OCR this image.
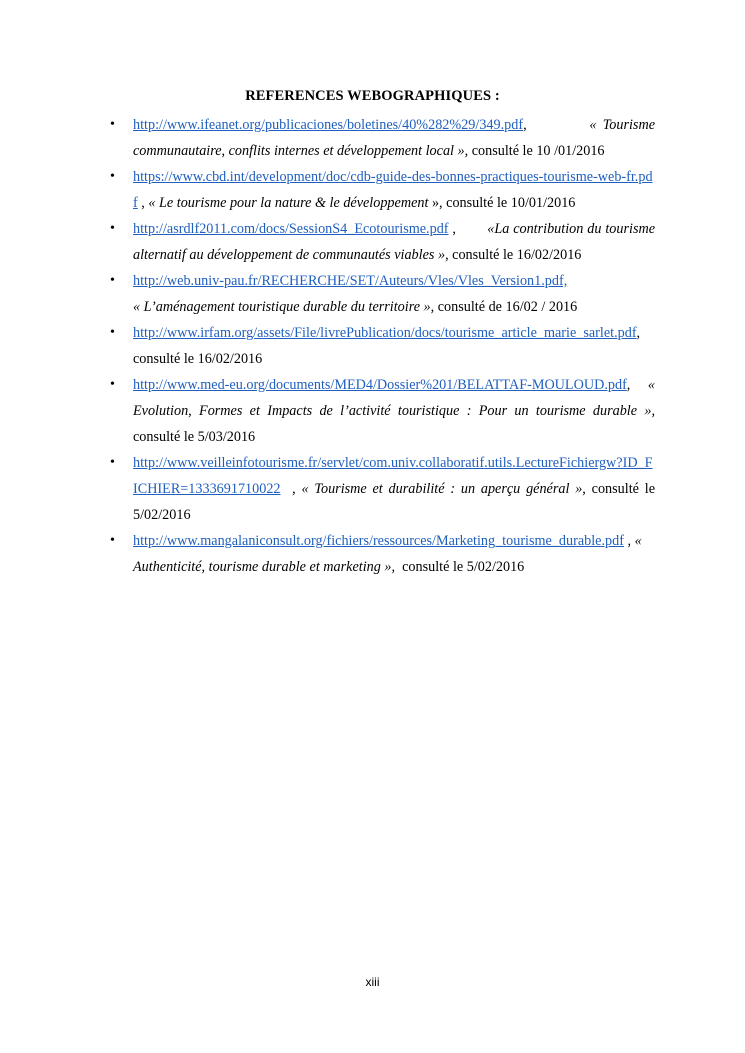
REFERENCES WEBOGRAPHIQUES :
• http://www.ifeanet.org/publicaciones/boletines/40%282%29/349.pdf,          « Tourisme communautaire, conflits internes et développement local », consulté le 10 /01/2016
• https://www.cbd.int/development/doc/cdb-guide-des-bonnes-practiques-tourisme-web-fr.pdf , « Le tourisme pour la nature & le développement », consulté le 10/01/2016
• http://asrdlf2011.com/docs/SessionS4_Ecotourisme.pdf ,        «La contribution du tourisme alternatif au développement de communautés viables », consulté le 16/02/2016
• http://web.univ-pau.fr/RECHERCHE/SET/Auteurs/Vles/Vles_Version1.pdf,
« L’aménagement touristique durable du territoire », consulté de 16/02 / 2016
• http://www.irfam.org/assets/File/livrePublication/docs/tourisme_article_marie_sarlet.pdf, consulté le 16/02/2016
• http://www.med-eu.org/documents/MED4/Dossier%201/BELATTAF-MOULOUD.pdf, « Evolution, Formes et Impacts de l’activité touristique : Pour un tourisme durable », consulté le 5/03/2016
• http://www.veilleinfotourisme.fr/servlet/com.univ.collaboratif.utils.LectureFichiergw?ID_FICHIER=1333691710022  , « Tourisme et durabilité : un aperçu général », consulté le 5/02/2016
• http://www.mangalaniconsult.org/fichiers/ressources/Marketing_tourisme_durable.pdf , « Authenticité, tourisme durable et marketing »,  consulté le 5/02/2016
xiii
